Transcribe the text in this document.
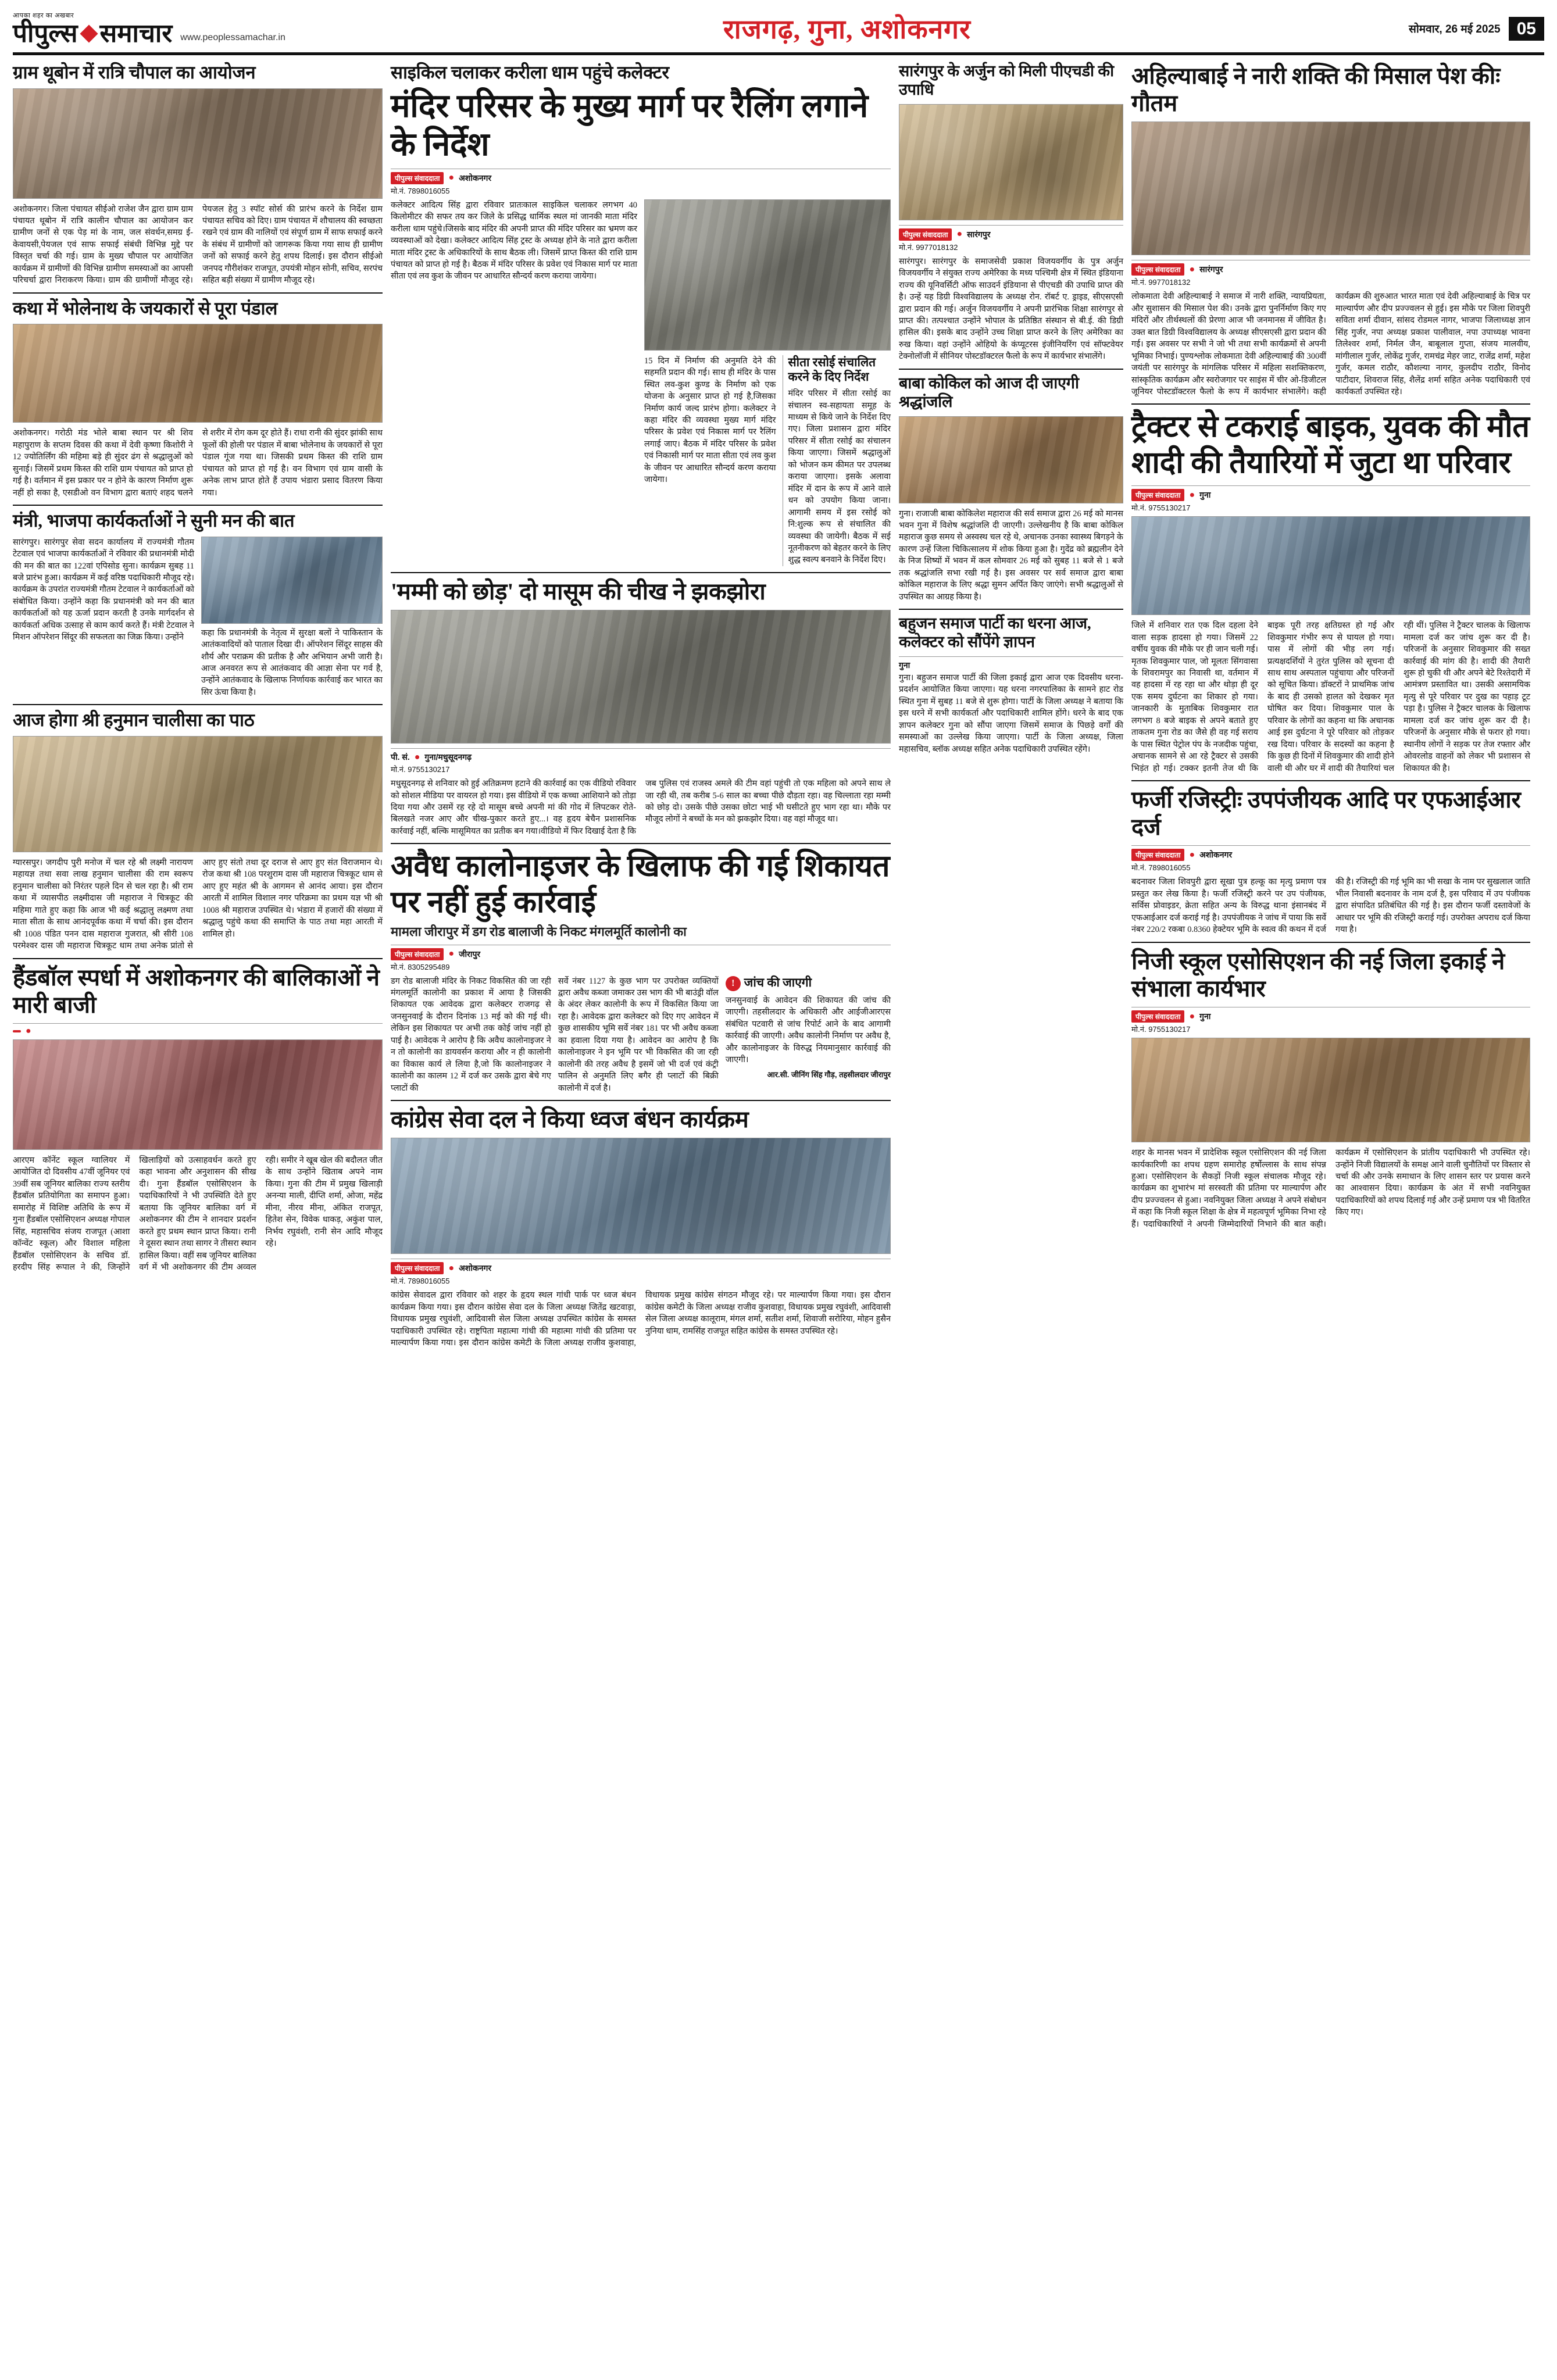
आपका शहर का अखबार
पीपुल्स समाचार www.peoplessamachar.in	राजगढ़, गुना, अशोकनगर	सोमवार, 26 मई 2025 05
ग्राम थूबोन में रात्रि चौपाल का आयोजन
अशोकनगर। जिला पंचायत सीईओ राजेश जैन द्वारा ग्राम ग्राम पंचायत थूबोन में रात्रि कालीन चौपाल का आयोजन कर ग्रामीण जनों से एक पेड़ मां के नाम, जल संवर्धन,समग्र ई-केवायसी,पेयजल एवं साफ सफाई संबंधी विभिन्न मुद्दे पर विस्तृत चर्चा की गई। ग्राम के मुख्य चौपाल पर आयोजित कार्यक्रम में ग्रामीणों की विभिन्न ग्रामीण समस्याओं का आपसी परिचर्चा द्वारा निराकरण किया। ग्राम की ग्रामीणों मौजूद रहे। पेयजल हेतु 3 स्पॉट सोर्स की प्रारंभ करने के निर्देश ग्राम पंचायत सचिव को दिए। ग्राम पंचायत में शौचालय की स्वच्छता रखने एवं ग्राम की नालियों एवं संपूर्ण ग्राम में साफ सफाई करने के संबंध में ग्रामीणों को जागरूक किया गया साथ ही ग्रामीण जनों को सफाई करने हेतु शपथ दिलाई। इस दौरान सीईओ जनपद गौरीशंकर राजपूत, उपयंत्री मोहन सोनी, सचिव, सरपंच सहित बड़ी संख्या में ग्रामीण मौजूद रहे।
कथा में भोलेनाथ के जयकारों से पूरा पंडाल
अशोकनगर। गरोठी मंड भोले बाबा स्थान पर श्री शिव महापुराण के सप्तम दिवस की कथा में देवी कृष्णा किशोरी ने 12 ज्योतिर्लिंग की महिमा बड़े ही सुंदर ढंग से श्रद्धालुओं को सुनाई। जिसमें प्रथम किस्त की राशि ग्राम पंचायत को प्राप्त हो गई है। वर्तमान में इस प्रकार पर न होने के कारण निर्माण शुरू नहीं हो सका है, एसडीओ वन विभाग द्वारा बताएं शहद चलने से शरीर में रोग कम दूर होते हैं। राधा रानी की सुंदर झांकी साथ फूलों की होली पर पंडाल में बाबा भोलेनाथ के जयकारों से पूरा पंडाल गूंज गया था। जिसकी प्रथम किस्त की राशि ग्राम पंचायत को प्राप्त हो गई है। वन विभाग एवं ग्राम वासी के अनेक लाभ प्राप्त होते हैं उपाय भंडारा प्रसाद वितरण किया गया।
मंत्री, भाजपा कार्यकर्ताओं ने सुनी मन की बात
सारंगपुर। सारंगपुर सेवा सदन कार्यालय में राज्यमंत्री गौतम टेटवाल एवं भाजपा कार्यकर्ताओं ने रविवार की प्रधानमंत्री मोदी की मन की बात का 122वां एपिसोड सुना। कार्यक्रम सुबह 11 बजे प्रारंभ हुआ। कार्यक्रम में कई वरिष्ठ पदाधिकारी मौजूद रहे। कार्यक्रम के उपरांत राज्यमंत्री गौतम टेटवाल ने कार्यकर्ताओं को संबोधित किया। उन्होंने कहा कि प्रधानमंत्री को मन की बात कार्यकर्ताओं को यह ऊर्जा प्रदान करती है उनके मार्गदर्शन से कार्यकर्ता अधिक उत्साह से काम कार्य करते हैं। मंत्री टेटवाल ने मिशन ऑपरेशन सिंदूर की सफलता का जिक्र किया। उन्होंने	कहा कि प्रधानमंत्री के नेतृत्व में सुरक्षा बलों ने पाकिस्तान के आतंकवादियों को पाताल दिखा दी। ऑपरेशन सिंदूर साहस की शौर्य और पराक्रम की प्रतीक है और अभियान अभी जारी है। आज अनवरत रूप से आतंकवाद की आज्ञा सेना पर गर्व है, उन्होंने आतंकवाद के खिलाफ निर्णायक कार्रवाई कर भारत का सिर ऊंचा किया है।
आज होगा श्री हनुमान चालीसा का पाठ
ग्यारसपुर। जगदीप पुरी मनोज में चल रहे श्री लक्ष्मी नारायण महायज्ञ तथा सवा लाख हनुमान चालीसा की राम स्वरूप हनुमान चालीसा को निरंतर पहले दिन से चल रहा है। श्री राम कथा में व्यासपीठ लक्ष्मीदास जी महाराज ने चित्रकूट की महिमा गाते हुए कहा कि आज भी कई श्रद्धालु लक्ष्मण तथा माता सीता के साथ आनंदपूर्वक कथा में चर्चा की। इस दौरान श्री 1008 पंडित पनन दास महाराज गुजरात, श्री सीरी 108 परमेश्वर दास जी महाराज चित्रकूट धाम तथा अनेक प्रांतो से आए हुए संतो तथा दूर दराज से आए हुए संत विराजमान थे। रोज कथा श्री 108 परशुराम दास जी महाराज चित्रकूट धाम से आए हुए महंत श्री के आगमन से आनंद आया। इस दौरान आरती में शामिल विशाल नगर परिक्रमा का प्रथम यज्ञ भी श्री 1008 श्री महाराज उपस्थित थे। भंडारा में हजारों की संख्या में श्रद्धालु पहुंचे कथा की समाप्ति के पाठ तथा महा आरती में शामिल हो।
हैंडबॉल स्पर्धा में अशोकनगर की बालिकाओं ने मारी बाजी
●
आरएम कॉनेंट स्कूल ग्वालियर में आयोजित दो दिवसीय 47वीं जूनियर एवं 39वीं सब जूनियर बालिका राज्य स्तरीय हैंडबॉल प्रतियोगिता का समापन हुआ। समारोह में विशिष्ट अतिथि के रूप में गुना हैंडबॉल एसोसिएशन अध्यक्ष गोपाल सिंह, महासचिव संजय राजपूत (आशा कॉन्वेंट स्कूल) और विशाल महिला हैंडबॉल एसोसिएशन के सचिव डॉ. हरदीप सिंह रूपाल ने की, जिन्होंने खिलाड़ियों को उत्साहवर्धन करते हुए कहा भावना और अनुशासन की सीख दी। गुना हैंडबॉल एसोसिएशन के पदाधिकारियों ने भी उपस्थिति देते हुए बताया कि जूनियर बालिका वर्ग में अशोकनगर की टीम ने शानदार प्रदर्शन करते हुए प्रथम स्थान प्राप्त किया। रानी ने दूसरा स्थान तथा सागर ने तीसरा स्थान हासिल किया। वहीं सब जूनियर बालिका वर्ग में भी अशोकनगर की टीम अव्वल रही। समीर ने खूब खेल की बदौलत जीत के साथ उन्होंने खिताब अपने नाम किया। गुना की टीम में प्रमुख खिलाड़ी अनन्या माली, दीप्ति शर्मा, ओजा, महेंद्र मीना, नीरव मीना, अंकित राजपूत, हितेश सेन, विवेक धाकड़, अकुंश पाल, निर्भय रघुवंशी, रानी सेन आदि मौजूद रहे।
साइकिल चलाकर करीला धाम पहुंचे कलेक्टर
मंदिर परिसर के मुख्य मार्ग पर रैलिंग लगाने के निर्देश
पीपुल्स संवाददाता ● अशोकनगर
मो.नं. 7898016055
कलेक्टर आदित्य सिंह द्वारा रविवार प्रातःकाल साइकिल चलाकर लगभग 40 किलोमीटर की सफर तय कर जिले के प्रसिद्ध धार्मिक स्थल मां जानकी माता मंदिर करीला धाम पहुंचे।जिसके बाद मंदिर की अपनी प्राप्त की मंदिर परिसर का भ्रमण कर व्यवस्थाओं को देखा। कलेक्टर आदित्य सिंह ट्रस्ट के अध्यक्ष होने के नाते द्वारा करीला माता मंदिर ट्रस्ट के अधिकारियों के साथ बैठक ली। जिसमें प्राप्त किस्त की राशि ग्राम पंचायत को प्राप्त हो गई है। बैठक में मंदिर परिसर के प्रवेश एवं निकास मार्ग पर माता सीता एवं लव कुश के जीवन पर आधारित सौन्दर्य करण कराया जायेगा।
15 दिन में निर्माण की अनुमति देने की सहमति प्रदान की गई। साथ ही मंदिर के पास स्थित लव-कुश कुण्ड के निर्माण को एक योजना के अनुसार प्राप्त हो गई है,जिसका निर्माण कार्य जल्द प्रारंभ होगा। कलेक्टर ने कहा मंदिर की व्यवस्था मुख्य मार्ग मंदिर परिसर के प्रवेश एवं निकास मार्ग पर रैलिंग लगाई जाए। बैठक में मंदिर परिसर के प्रवेश एवं निकासी मार्ग पर माता सीता एवं लव कुश के जीवन पर आधारित सौन्दर्य करण कराया जायेगा।
सीता रसोई संचालित करने के दिए निर्देश
मंदिर परिसर में सीता रसोई का संचालन स्व-सहायता समूह के माध्यम से किये जाने के निर्देश दिए गए। जिला प्रशासन द्वारा मंदिर परिसर में सीता रसोई का संचालन किया जाएगा। जिसमें श्रद्धालुओं को भोजन कम कीमत पर उपलब्ध कराया जाएगा। इसके अलावा मंदिर में दान के रूप में आने वाले धन को उपयोग किया जाना। आगामी समय में इस रसोई को नि:शुल्क रूप से संचालित की व्यवस्था की जायेगी। बैठक में सई नूतनीकरण को बेहतर करने के लिए शुद्ध स्वल्प बनवाने के निर्देश दिए।
'मम्मी को छोड़' दो मासूम की चीख ने झकझोरा
पी. सं. ● गुना/मधुसूदनगढ़
मो.नं. 9755130217
मधुसूदनगढ़ से शनिवार को हुई अतिक्रमण हटाने की कार्रवाई का एक वीडियो रविवार को सोशल मीडिया पर वायरल हो गया। इस वीडियो में एक कच्चा आशियाने को तोड़ा दिया गया और उसमें रह रहे दो मासूम बच्चे अपनी मां की गोद में लिपटकर रोते-बिलखते नजर आए और चीख-पुकार करते हुए...। वह हृदय बेचैन प्रशासनिक कार्रवाई नहीं, बल्कि मासूमियत का प्रतीक बन गया।वीडियो में फिर दिखाई देता है कि जब पुलिस एवं राजस्व अमले की टीम वहां पहुंची तो एक महिला को अपने साथ ले जा रही थी, तब करीब 5-6 साल का बच्चा पीछे दौड़ता रहा। वह चिल्लाता रहा मम्मी को छोड़ दो। उसके पीछे उसका छोटा भाई भी घसीटते हुए भाग रहा था। मौके पर मौजूद लोगों ने बच्चों के मन को झकझोर दिया। वह वहां मौजूद था।
अवैध कालोनाइजर के खिलाफ की गई शिकायत पर नहीं हुई कार्रवाई
मामला जीरापुर में डग रोड बालाजी के निकट मंगलमूर्ति कालोनी का
पीपुल्स संवाददाता ● जीरापुर
मो.नं. 8305295489
डग रोड बालाजी मंदिर के निकट विकसित की जा रही मंगलमूर्ति कालोनी का प्रकाश में आया है जिसकी शिकायत एक आवेदक द्वारा कलेक्टर राजगढ़ से जनसुनवाई के दौरान दिनांक 13 मई को की गई थी। लेकिन इस शिकायत पर अभी तक कोई जांच नहीं हो पाई है। आवेदक ने आरोप है कि अवैध कालोनाइजर ने न तो कालोनी का डायवर्सन कराया और न ही कालोनी का विकास कार्य ले लिया है,जो कि कालोनाइजर ने कालोनी का कालम 12 में दर्ज कर उसके द्वारा बेचे गए प्लाटों की
सर्वे नंबर 1127 के कुछ भाग पर उपरोक्त व्यक्तियों द्वारा अवैध कब्जा जमाकर उस भाग की भी बाउंड्री वॉल के अंदर लेकर कालोनी के रूप में विकसित किया जा रहा है। आवेदक द्वारा कलेक्टर को दिए गए आवेदन में कुछ शासकीय भूमि सर्वे नंबर 181 पर भी अवैध कब्जा का हवाला दिया गया है। आवेदन का आरोप है कि कालोनाइजर ने इन भूमि पर भी विकसित की जा रही कालोनी की तरह अवैध है इसमें जो भी दर्ज एवं कंट्री पालिन से अनुमति लिए बगैर ही प्लाटों की बिक्री कालोनी में दर्ज है।
! जांच की जाएगी
जनसुनवाई के आवेदन की शिकायत की जांच की जाएगी। तहसीलदार के अधिकारी और आईजीआरएस संबंधित पटवारी से जांच रिपोर्ट आने के बाद आगामी कार्रवाई की जाएगी। अवैध कालोनी निर्माण पर अवैध है, और कालोनाइजर के विरुद्ध नियमानुसार कार्रवाई की जाएगी।
आर.सी. जीनिंग सिंह गौड़, तहसीलदार जीरापुर
कांग्रेस सेवा दल ने किया ध्वज बंधन कार्यक्रम
पीपुल्स संवाददाता ● अशोकनगर
मो.नं. 7898016055
कांग्रेस सेवादल द्वारा रविवार को शहर के हृदय स्थल गांधी पार्क पर ध्वज बंधन कार्यक्रम किया गया। इस दौरान कांग्रेस सेवा दल के जिला अध्यक्ष जितेंद्र खटवाड़ा, विधायक प्रमुख रघुवंशी, आदिवासी सेल जिला अध्यक्ष उपस्थित कांग्रेस के समस्त पदाधिकारी उपस्थित रहे। राष्ट्रपिता महात्मा गांधी की महात्मा गांधी की प्रतिमा पर माल्यार्पण किया गया। इस दौरान कांग्रेस कमेटी के जिला अध्यक्ष राजीव कुशवाहा, विधायक प्रमुख कांग्रेस संगठन मौजूद रहे। पर माल्यार्पण किया गया। इस दौरान कांग्रेस कमेटी के जिला अध्यक्ष राजीव कुशवाहा, विधायक प्रमुख रघुवंशी, आदिवासी सेल जिला अध्यक्ष कालूराम, मंगल शर्मा, सतीश शर्मा, शिवाजी सरोरिया, मोहन हुसैन नुनिया धाम, रामसिंह राजपूत सहित कांग्रेस के समस्त उपस्थित रहे।
सारंगपुर के अर्जुन को मिली पीएचडी की उपाधि
पीपुल्स संवाददाता ● सारंगपुर
मो.नं. 9977018132
सारंगपुर। सारंगपुर के समाजसेवी प्रकाश विजयवर्गीय के पुत्र अर्जुन विजयवर्गीय ने संयुक्त राज्य अमेरिका के मध्य पश्चिमी क्षेत्र में स्थित इंडियाना राज्य की यूनिवर्सिटी ऑफ साउदर्न इंडियाना से पीएचडी की उपाधि प्राप्त की है। उन्हें यह डिग्री विश्वविद्यालय के अध्यक्ष रोन. रॉबर्ट ए. ड्राइड, सीएसएसी द्वारा प्रदान की गई। अर्जुन विजयवर्गीय ने अपनी प्रारंभिक शिक्षा सारंगपुर से प्राप्त की। तत्पश्चात उन्होंने भोपाल के प्रतिष्ठित संस्थान से बी.ई. की डिग्री हासिल की। इसके बाद उन्होंने उच्च शिक्षा प्राप्त करने के लिए अमेरिका का रुख किया। वहां उन्होंने ओहियो के कंप्यूटरस इंजीनियरिंग एवं सॉफ्टवेयर टेक्नोलॉजी में सीनियर पोस्टडॉक्टरल फैलो के रूप में कार्यभार संभालेंगे।
बाबा कोकिल को आज दी जाएगी श्रद्धांजलि
गुना। राजाजी बाबा कोकिलेश महाराज की सर्व समाज द्वारा 26 मई को मानस भवन गुना में विशेष श्रद्धांजलि दी जाएगी। उल्लेखनीय है कि बाबा कोकिल महाराज कुछ समय से अस्वस्थ चल रहे थे, अचानक उनका स्वास्थ्य बिगड़ने के कारण उन्हें जिला चिकित्सालय में शोक किया हुआ है। गुदेंद्र को ब्रह्मलीन देने के निज शिष्यों में भवन में कल सोमवार 26 मई को सुबह 11 बजे से 1 बजे तक श्रद्धांजलि सभा रखी गई है। इस अवसर पर सर्व समाज द्वारा बाबा कोकिल महाराज के लिए श्रद्धा सुमन अर्पित किए जाएंगे। सभी श्रद्धालुओं से उपस्थित का आग्रह किया है।
बहुजन समाज पार्टी का धरना आज, कलेक्टर को सौंपेंगे ज्ञापन
गुना
गुना। बहुजन समाज पार्टी की जिला इकाई द्वारा आज एक दिवसीय धरना-प्रदर्शन आयोजित किया जाएगा। यह धरना नगरपालिका के सामने हाट रोड स्थित गुना में सुबह 11 बजे से शुरू होगा। पार्टी के जिला अध्यक्ष ने बताया कि इस धरने में सभी कार्यकर्ता और पदाधिकारी शामिल होंगे। धरने के बाद एक ज्ञापन कलेक्टर गुना को सौंपा जाएगा जिसमें समाज के पिछड़े वर्गों की समस्याओं का उल्लेख किया जाएगा। पार्टी के जिला अध्यक्ष, जिला महासचिव, ब्लॉक अध्यक्ष सहित अनेक पदाधिकारी उपस्थित रहेंगे।
अहिल्याबाई ने नारी शक्ति की मिसाल पेश कीः गौतम
पीपुल्स संवाददाता ● सारंगपुर
मो.नं. 9977018132
लोकमाता देवी अहिल्याबाई ने समाज में नारी शक्ति, न्यायप्रियता, और सुशासन की मिसाल पेश की। उनके द्वारा पुनर्निर्माण किए गए मंदिरों और तीर्थस्थलों की प्रेरणा आज भी जनमानस में जीवित है। उक्त बात डिग्री विश्वविद्यालय के अध्यक्ष सीएसएसी द्वारा प्रदान की गई। इस अवसर पर सभी ने जो भी तथा सभी कार्यक्रमों से अपनी भूमिका निभाई। पुण्यश्लोक लोकमाता देवी अहिल्याबाई की 300वीं जयंती पर सारंगपुर के मांगलिक परिसर में महिला सशक्तिकरण, सांस्कृतिक कार्यक्रम और स्वरोजगार पर साइंस में चीर ओ-डिजीटल जूनियर पोस्टडॉक्टरल फैलो के रूप में कार्यभार संभालेंगे। कही कार्यक्रम की शुरुआत भारत माता एवं देवी अहिल्याबाई के चित्र पर माल्यार्पण और दीप प्रज्ज्वलन से हुई। इस मौके पर जिला शिवपुरी सविता शर्मा दीवान, सांसद रोडमल नागर, भाजपा जिलाध्यक्ष ज्ञान सिंह गुर्जर, नपा अध्यक्ष प्रकाश पालीवाल, नपा उपाध्यक्ष भावना तिलेश्वर शर्मा, निर्मल जैन, बाबूलाल गुप्ता, संजय मालवीय, मांगीलाल गुर्जर, लोकेंद्र गुर्जर, रामचंद्र मेहर जाट, राजेंद्र शर्मा, महेश गुर्जर, कमल राठौर, कौशल्या नागर, कुलदीप राठौर, विनोद पाटीदार, शिवराज सिंह, शैलेंद्र शर्मा सहित अनेक पदाधिकारी एवं कार्यकर्ता उपस्थित रहे।
ट्रैक्टर से टकराई बाइक, युवक की मौत
शादी की तैयारियों में जुटा था परिवार
पीपुल्स संवाददाता ● गुना
मो.नं. 9755130217
जिले में शनिवार रात एक दिल दहला देने वाला सड़क हादसा हो गया। जिसमें 22 वर्षीय युवक की मौके पर ही जान चली गई। मृतक शिवकुमार पाल, जो मूलतः सिंगवासा के शिवरामपुर का निवासी था, वर्तमान में वह हादसा में रह रहा था और थोड़ा ही दूर एक समय दुर्घटना का शिकार हो गया। जानकारी के मुताबिक शिवकुमार रात लगभग 8 बजे बाइक से अपने बताते हुए ताकतम गुना रोड का जैसे ही वह गई सराय के पास स्थित पेट्रोल पंप के नजदीक पहुंचा, अचानक सामने से आ रहे ट्रैक्टर से उसकी भिड़ंत हो गई। टक्कर इतनी तेज थी कि बाइक पूरी तरह क्षतिग्रस्त हो गई और शिवकुमार गंभीर रूप से घायल हो गया। पास में लोगों की भीड़ लग गई। प्रत्यक्षदर्शियों ने तुरंत पुलिस को सूचना दी साथ साथ अस्पताल पहुंचाया और परिजनों को सूचित किया। डॉक्टरों ने प्राथमिक जांच के बाद ही उसको हालत को देखकर मृत घोषित कर दिया। शिवकुमार पाल के परिवार के लोगों का कहना था कि अचानक आई इस दुर्घटना ने पूरे परिवार को तोड़कर रख दिया। परिवार के सदस्यों का कहना है कि कुछ ही दिनों में शिवकुमार की शादी होने वाली थी और घर में शादी की तैयारियां चल रही थीं। पुलिस ने ट्रैक्टर चालक के खिलाफ मामला दर्ज कर जांच शुरू कर दी है। परिजनों के अनुसार शिवकुमार की सख्त कार्रवाई की मांग की है। शादी की तैयारी शुरू हो चुकी थी और अपने बेटे रिश्तेदारी में आमंत्रण प्रस्तावित था। उसकी असामयिक मृत्यु से पूरे परिवार पर दुख का पहाड़ टूट पड़ा है। पुलिस ने ट्रैक्टर चालक के खिलाफ मामला दर्ज कर जांच शुरू कर दी है। परिजनों के अनुसार मौके से फरार हो गया। स्थानीय लोगों ने सड़क पर तेज रफ्तार और ओवरलोड वाहनों को लेकर भी प्रशासन से शिकायत की है।
फर्जी रजिस्ट्रीः उपपंजीयक आदि पर एफआईआर दर्ज
पीपुल्स संवाददाता ● अशोकनगर
मो.नं. 7898016055
बदनावर जिला शिवपुरी द्वारा सूखा पुत्र हल्कू का मृत्यु प्रमाण पत्र प्रस्तुत कर लेख किया है। फर्जी रजिस्ट्री करने पर उप पंजीयक, सर्विस प्रोवाइडर, क्रेता सहित अन्य के विरुद्ध थाना इंसानबंद में एफआईआर दर्ज कराई गई है। उपपंजीयक ने जांच में पाया कि सर्वे नंबर 220/2 रकबा 0.8360 हेक्टेयर भूमि के स्वत्व की कथन में दर्ज की है। रजिस्ट्री की गई भूमि का भी सखा के नाम पर सुखलाल जाति भील निवासी बदनावर के नाम दर्ज है, इस परिवाद में उप पंजीयक द्वारा संपादित प्रतिबंधित की गई है। इस दौरान फर्जी दस्तावेजों के आधार पर भूमि की रजिस्ट्री कराई गई। उपरोक्त अपराध दर्ज किया गया है।
निजी स्कूल एसोसिएशन की नई जिला इकाई ने संभाला कार्यभार
पीपुल्स संवाददाता ● गुना
मो.नं. 9755130217
शहर के मानस भवन में प्रादेशिक स्कूल एसोसिएशन की नई जिला कार्यकारिणी का शपथ ग्रहण समारोह हर्षोल्लास के साथ संपन्न हुआ। एसोसिएशन के सैकड़ों निजी स्कूल संचालक मौजूद रहे। कार्यक्रम का शुभारंभ मां सरस्वती की प्रतिमा पर माल्यार्पण और दीप प्रज्ज्वलन से हुआ। नवनियुक्त जिला अध्यक्ष ने अपने संबोधन में कहा कि निजी स्कूल शिक्षा के क्षेत्र में महत्वपूर्ण भूमिका निभा रहे हैं। पदाधिकारियों ने अपनी जिम्मेदारियों निभाने की बात कही। कार्यक्रम में एसोसिएशन के प्रांतीय पदाधिकारी भी उपस्थित रहे। उन्होंने निजी विद्यालयों के समक्ष आने वाली चुनौतियों पर विस्तार से चर्चा की और उनके समाधान के लिए शासन स्तर पर प्रयास करने का आश्वासन दिया। कार्यक्रम के अंत में सभी नवनियुक्त पदाधिकारियों को शपथ दिलाई गई और उन्हें प्रमाण पत्र भी वितरित किए गए।
